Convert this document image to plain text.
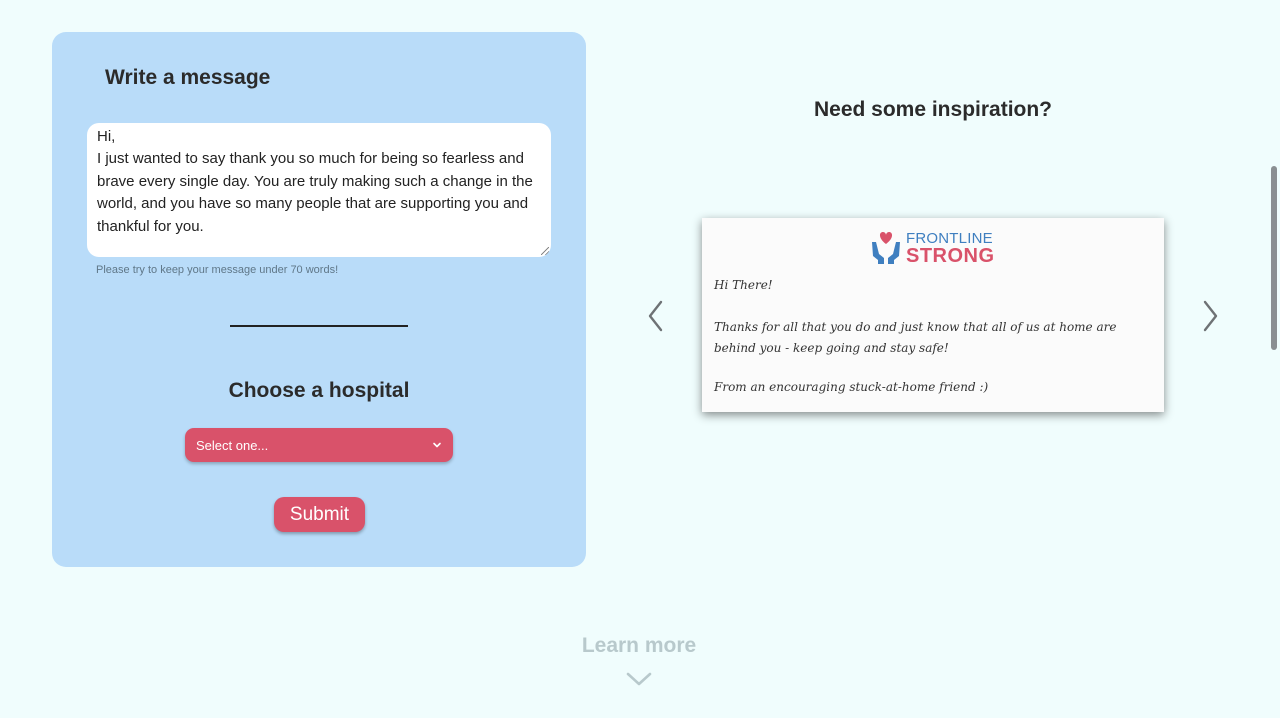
Write a message

Hi,

I just wanted to say thank you so much for being so fearless and

brave every single day. You are truly making such a change in the

world, and you have so many people that are supporting you and

thankful for you.

Please try to keep your message under 70 words!
Choose a hospital
Select one...
Submit
Need some inspiration?
FRONTLINE
STRONG

Hi There!

Thanks for all that you do and just know that all of us at home are

behind you - keep going and stay safe!

From an encouraging stuck-at-home friend :)

Learn more
